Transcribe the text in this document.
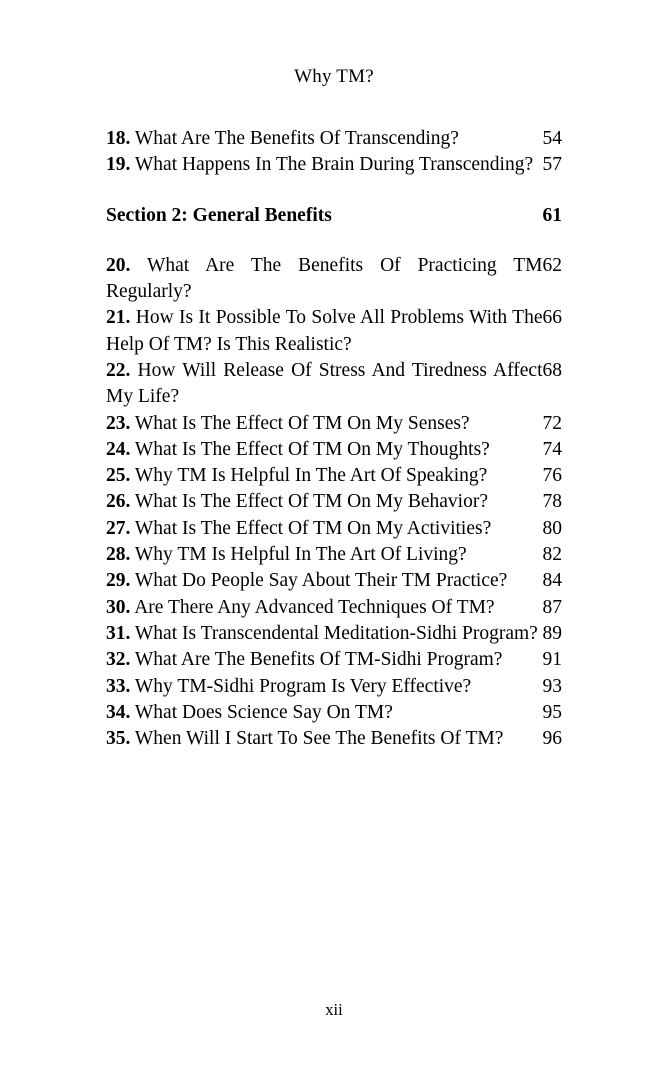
Why TM?
54
18. What Are The Benefits Of Transcending?
57
19. What Happens In The Brain During Transcending?
61
Section 2: General Benefits
62
20. What Are The Benefits Of Practicing TM Regularly?
66
21. How Is It Possible To Solve All Problems With The Help Of TM? Is This Realistic?
68
22. How Will Release Of Stress And Tiredness Affect My Life?
72
23. What Is The Effect Of TM On My Senses?
74
24. What Is The Effect Of TM On My Thoughts?
76
25. Why TM Is Helpful In The Art Of Speaking?
78
26. What Is The Effect Of TM On My Behavior?
80
27. What Is The Effect Of TM On My Activities?
82
28. Why TM Is Helpful In The Art Of Living?
84
29. What Do People Say About Their TM Practice?
87
30. Are There Any Advanced Techniques Of TM?
89
31. What Is Transcendental Meditation-Sidhi Program?
91
32. What Are The Benefits Of TM-Sidhi Program?
93
33. Why TM-Sidhi Program Is Very Effective?
95
34. What Does Science Say On TM?
96
35. When Will I Start To See The Benefits Of TM?
xii
